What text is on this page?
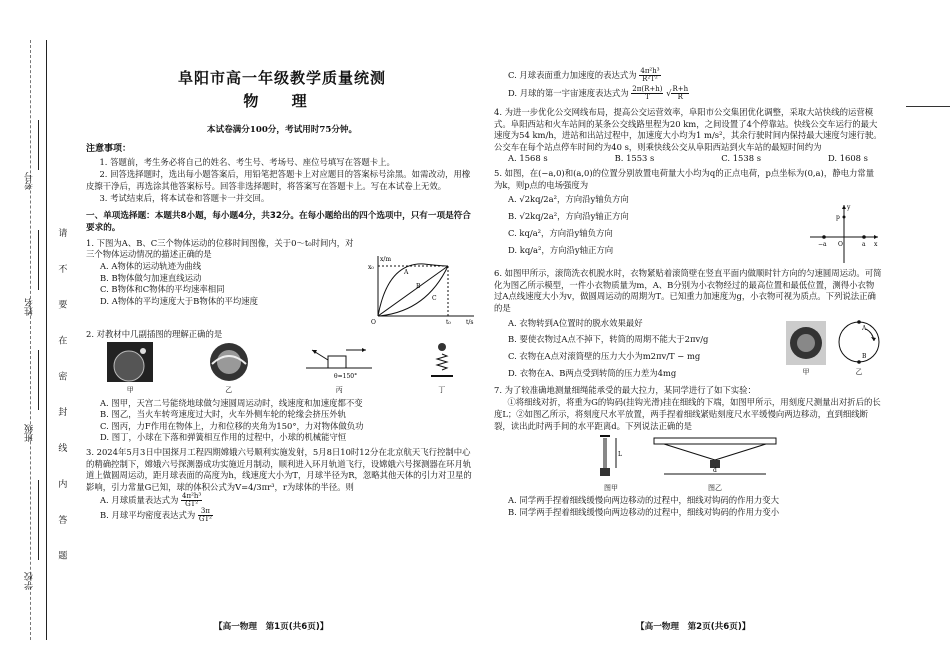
考号
姓名
班级
学校
请 不 要 在 密 封 线 内 答 题
阜阳市高一年级教学质量统测
物 理
本试卷满分100分，考试用时75分钟。
注意事项：
1. 答题前，考生务必将自己的姓名、考生号、考场号、座位号填写在答题卡上。
2. 回答选择题时，选出每小题答案后，用铅笔把答题卡上对应题目的答案标号涂黑。如需改动，用橡皮擦干净后，再选涂其他答案标号。回答非选择题时，将答案写在答题卡上。写在本试卷上无效。
3. 考试结束后，将本试卷和答题卡一并交回。
一、单项选择题：本题共8小题，每小题4分，共32分。在每小题给出的四个选项中，只有一项是符合要求的。
1. 下图为A、B、C三个物体运动的位移时间图像，关于0～t₀时间内，对三个物体运动情况的描述正确的是
A. A物体的运动轨迹为曲线
B. B物体做匀加速直线运动
C. B物体和C物体的平均速率相同
D. A物体的平均速度大于B物体的平均速度
x/m
t/s
x₀
t₀
O
A
B
C
2. 对教材中几副插图的理解正确的是
甲	乙
θ=150°
丙	丁
A. 图甲，天宫二号能绕地球做匀速圆周运动时，线速度和加速度都不变
B. 图乙，当火车转弯速度过大时，火车外侧车轮的轮缘会挤压外轨
C. 图丙，力F作用在物体上，力和位移的夹角为150°，力对物体做负功
D. 图丁，小球在下落和弹簧相互作用的过程中，小球的机械能守恒
3. 2024年5月3日中国探月工程四期嫦娥六号顺利实施发射，5月8日10时12分在北京航天飞行控制中心的精确控制下，嫦娥六号探测器成功实施近月制动，顺利进入环月轨道飞行，设嫦娥六号探测器在环月轨道上做圆周运动，距月球表面的高度为h，线速度大小为T，月球半径为R，忽略其他天体的引力对卫星的影响，引力常量G已知，球的体积公式为V=4/3πr³，r为球体的半径。则
A. 月球质量表达式为 $\frac{\text{4π²h³}}{\text{GT²}}$
B. 月球平均密度表达式为 $\frac{3\pi}{\text{GT²}}$
【高一物理　第1页(共6页)】
C. 月球表面重力加速度的表达式为 $\frac{\text{4π²h³}}{\text{R²T²}}$
D. 月球的第一宇宙速度表达式为 $\frac{2\pi(R+h)}{T}$ √ $\frac{R+h}{R}$
4. 为进一步优化公交网线布局，提高公交运营效率，阜阳市公交集团优化调整，采取大站快线的运营模式。阜阳西站和火车站间的某条公交线路里程为20 km，之间设置了4个停靠站。快线公交车运行的最大速度为54 km/h，进站和出站过程中，加速度大小均为1 m/s²，其余行驶时间内保持最大速度匀速行驶。公交车在每个站点停车时间约为40 s，则乘快线公交从阜阳西站到火车站的最短时间约为
A. 1568 s	B. 1553 s	C. 1538 s	D. 1608 s
5. 如图，在(−a,0)和(a,0)的位置分别放置电荷量大小均为q的正点电荷，p点坐标为(0,a)，静电力常量为k，则p点的电场强度为
A. √2kq/2a²，方向沿y轴负方向
B. √2kq/2a²，方向沿y轴正方向
C. kq/a²，方向沿y轴负方向
D. kq/a²，方向沿y轴正方向	−a O	a x
y
p
6. 如图甲所示，滚筒洗衣机脱水时，衣物紧贴着滚筒壁在竖直平面内做顺时针方向的匀速圆周运动。可简化为图乙所示模型，一件小衣物质量为m，A、B分别为小衣物经过的最高位置和最低位置，测得小衣物过A点线速度大小为v，做圆周运动的周期为T。已知重力加速度为g，小衣物可视为质点。下列说法正确的是
A. 衣物转到A位置时的脱水效果最好
B. 要使衣物过A点不掉下，转筒的周期不能大于2πv/g
C. 衣物在A点对滚筒壁的压力大小为m2πv/T − mg
D. 衣物在A、B两点受到转筒的压力差为4mg	甲
A
B
乙
7. 为了较准确地测量细绳能承受的最大拉力，某同学进行了如下实验：
①将细线对折，将重为G的钩码(挂钩光滑)挂在细线的下端，如图甲所示，用刻度尺测量出对折后的长度L；②如图乙所示，将刻度尺水平放置，两手捏着细线紧贴刻度尺水平缓慢向两边移动，直到细线断裂，读出此时两手间的水平距离d。下列说法正确的是
L
图甲
d
图乙
A. 同学两手捏着细线缓慢向两边移动的过程中，细线对钩码的作用力变大
B. 同学两手捏着细线缓慢向两边移动的过程中，细线对钩码的作用力变小
【高一物理　第2页(共6页)】
